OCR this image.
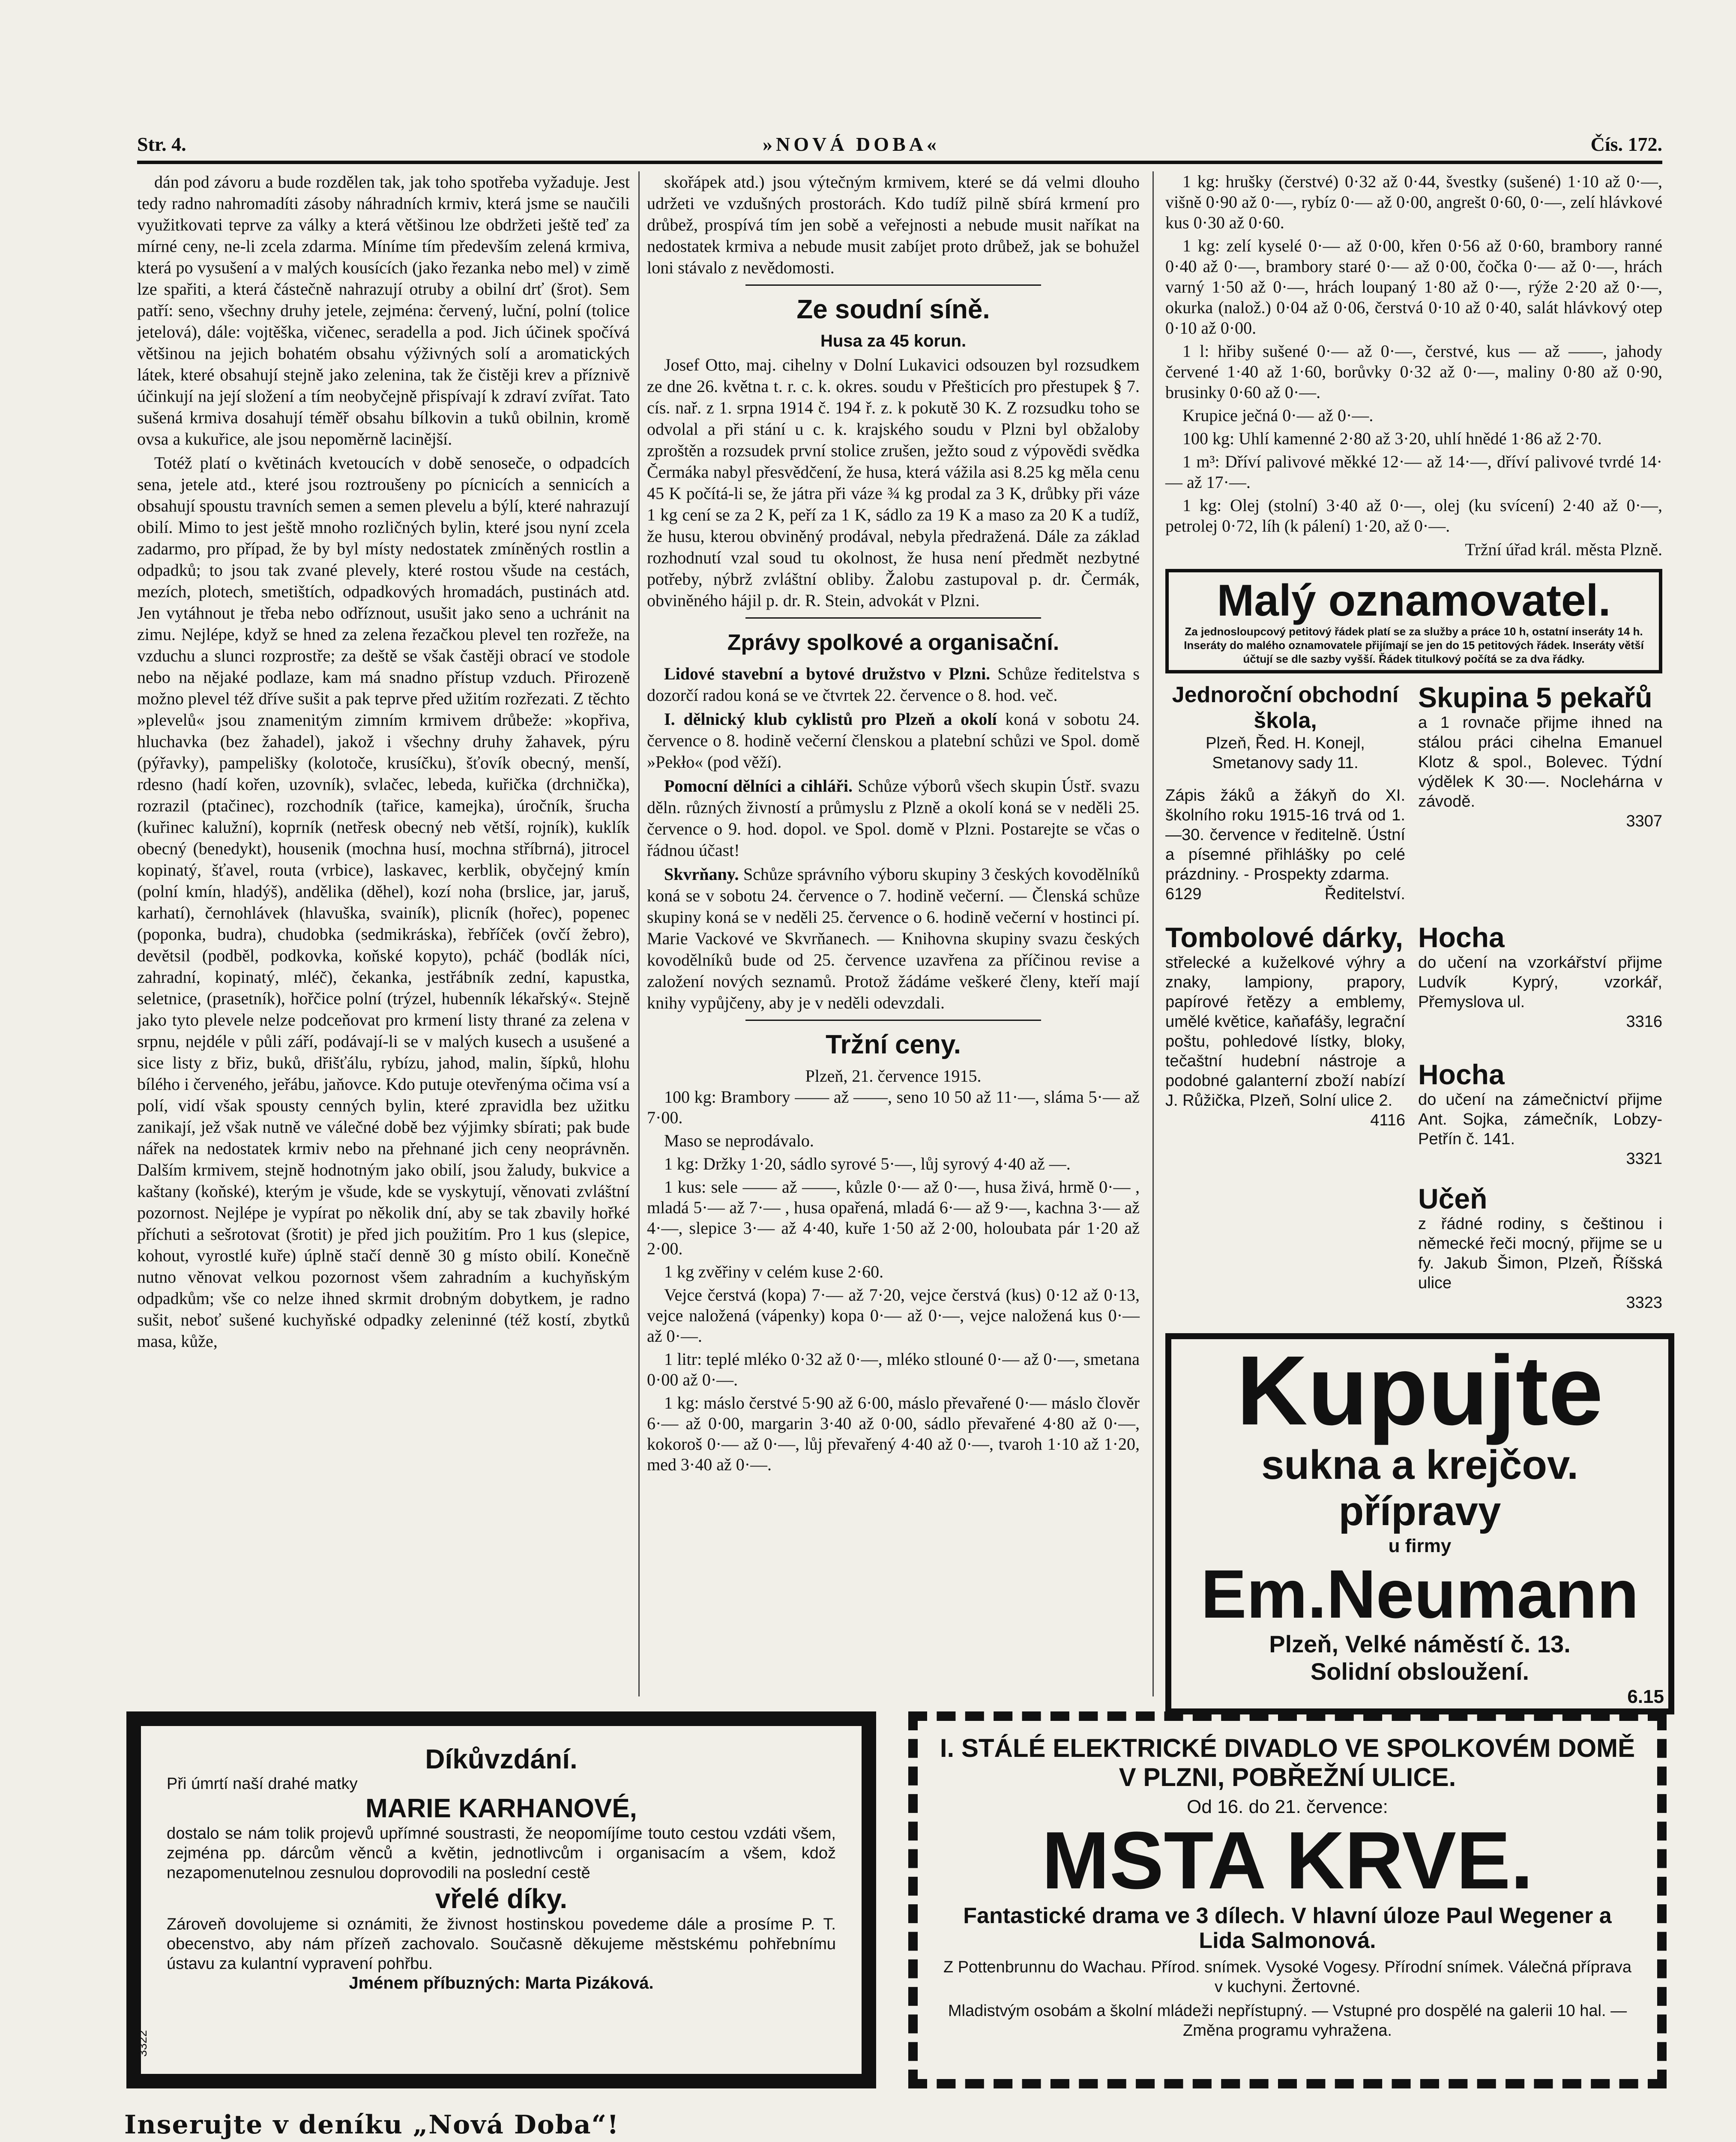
Str. 4.	»NOVÁ DOBA«	Čís. 172.

dán pod závoru a bude rozdělen tak, jak toho spotřeba vyžaduje. Jest tedy radno nahromadíti zásoby náhradních krmiv, která jsme se naučili využitkovati teprve za války a která většinou lze obdržeti ještě teď za mírné ceny, ne-li zcela zdarma. Míníme tím především zelená krmiva, která po vysušení a v malých kousících (jako řezanka nebo mel) v zimě lze spařiti, a která částečně nahrazují otruby a obilní drť (šrot). Sem patří: seno, všechny druhy jetele, zejména: červený, luční, polní (tolice jetelová), dále: vojtěška, vičenec, seradella a pod. Jich účinek spočívá většinou na jejich bohatém obsahu výživných solí a aromatických látek, které obsahují stejně jako zelenina, tak že čistěji krev a příznivě účinkují na její složení a tím neobyčejně přispívají k zdraví zvířat. Tato sušená krmiva dosahují téměř obsahu bílkovin a tuků obilnin, kromě ovsa a kukuřice, ale jsou nepoměrně lacinější.

Totéž platí o květinách kvetoucích v době senoseče, o odpadcích sena, jetele atd., které jsou roztroušeny po pícnicích a sennicích a obsahují spoustu travních semen a semen plevelu a býlí, které nahrazují obilí. Mimo to jest ještě mnoho rozličných bylin, které jsou nyní zcela zadarmo, pro případ, že by byl místy nedostatek zmíněných rostlin a odpadků; to jsou tak zvané plevely, které rostou všude na cestách, mezích, plotech, smetištích, odpadkových hromadách, pustinách atd. Jen vytáhnout je třeba nebo odříznout, usušit jako seno a uchránit na zimu. Nejlépe, když se hned za zelena řezačkou plevel ten rozřeže, na vzduchu a slunci rozprostře; za deště se však častěji obrací ve stodole nebo na nějaké podlaze, kam má snadno přístup vzduch. Přirozeně možno plevel též dříve sušit a pak teprve před užitím rozřezati. Z těchto »plevelů« jsou znamenitým zimním krmivem drůbeže: »kopřiva, hluchavka (bez žahadel), jakož i všechny druhy žahavek, pýru (pýřavky), pampelišky (kolotoče, krusíčku), šťovík obecný, menší, rdesno (hadí kořen, uzovník), svlačec, lebeda, kuřička (drchnička), rozrazil (ptačinec), rozchodník (tařice, kamejka), úročník, šrucha (kuřinec kalužní), koprník (netřesk obecný neb větší, rojník), kuklík obecný (benedykt), housenik (mochna husí, mochna stříbrná), jitrocel kopinatý, šťavel, routa (vrbice), laskavec, kerblik, obyčejný kmín (polní kmín, hladýš), andělika (děhel), kozí noha (brslice, jar, jaruš, karhatí), černohlávek (hlavuška, svainík), plicník (hořec), popenec (poponka, budra), chudobka (sedmikráska), řebříček (ovčí žebro), devětsil (podběl, podkovka, koňské kopyto), pcháč (bodlák níci, zahradní, kopinatý, mléč), čekanka, jestřábník zední, kapustka, seletnice, (prasetník), hořčice polní (trýzel, hubenník lékařský«. Stejně jako tyto plevele nelze podceňovat pro krmení listy thrané za zelena v srpnu, nejdéle v půli září, podávají-li se v malých kusech a usušené a sice listy z břiz, buků, dřišťálu, rybízu, jahod, malin, šípků, hlohu bílého i červeného, jeřábu, jaňovce. Kdo putuje otevřenýma očima vsí a polí, vidí však spousty cenných bylin, které zpravidla bez užitku zanikají, jež však nutně ve válečné době bez výjimky sbírati; pak bude nářek na nedostatek krmiv nebo na přehnané jich ceny neoprávněn. Dalším krmivem, stejně hodnotným jako obilí, jsou žaludy, bukvice a kaštany (koňské), kterým je všude, kde se vyskytují, věnovati zvláštní pozornost. Nejlépe je vypírat po několik dní, aby se tak zbavily hořké příchuti a sešrotovat (šrotit) je před jich použitím. Pro 1 kus (slepice, kohout, vyrostlé kuře) úplně stačí denně 30 g místo obilí. Konečně nutno věnovat velkou pozornost všem zahradním a kuchyňským odpadkům; vše co nelze ihned skrmit drobným dobytkem, je radno sušit, neboť sušené kuchyňské odpadky zeleninné (též kostí, zbytků masa, kůže,

skořápek atd.) jsou výtečným krmivem, které se dá velmi dlouho udržeti ve vzdušných prostorách. Kdo tudíž pilně sbírá krmení pro drůbež, prospívá tím jen sobě a veřejnosti a nebude musit naříkat na nedostatek krmiva a nebude musit zabíjet proto drůbež, jak se bohužel loni stávalo z nevědomosti.

Ze soudní síně.
Husa za 45 korun.

Josef Otto, maj. cihelny v Dolní Lukavici odsouzen byl rozsudkem ze dne 26. května t. r. c. k. okres. soudu v Přešticích pro přestupek § 7. cís. nař. z 1. srpna 1914 č. 194 ř. z. k pokutě 30 K. Z rozsudku toho se odvolal a při stání u c. k. krajského soudu v Plzni byl obžaloby zproštěn a rozsudek první stolice zrušen, ježto soud z výpovědi svědka Čermáka nabyl přesvědčení, že husa, která vážila asi 8.25 kg měla cenu 45 K počítá-li se, že játra při váze ¾ kg prodal za 3 K, drůbky při váze 1 kg cení se za 2 K, peří za 1 K, sádlo za 19 K a maso za 20 K a tudíž, že husu, kterou obviněný prodával, nebyla předražená. Dále za základ rozhodnutí vzal soud tu okolnost, že husa není předmět nezbytné potřeby, nýbrž zvláštní obliby. Žalobu zastupoval p. dr. Čermák, obviněného hájil p. dr. R. Stein, advokát v Plzni.

Zprávy spolkové a organisační.

Lidové stavební a bytové družstvo v Plzni. Schůze ředitelstva s dozorčí radou koná se ve čtvrtek 22. července o 8. hod. več.

I. dělnický klub cyklistů pro Plzeň a okolí koná v sobotu 24. července o 8. hodině večerní členskou a platební schůzi ve Spol. domě »Pekło« (pod věží).

Pomocní dělníci a cihláři. Schůze výborů všech skupin Ústř. svazu děln. různých živností a průmyslu z Plzně a okolí koná se v neděli 25. července o 9. hod. dopol. ve Spol. domě v Plzni. Postarejte se včas o řádnou účast!

Skvrňany. Schůze správního výboru skupiny 3 českých kovodělníků koná se v sobotu 24. července o 7. hodině večerní. — Členská schůze skupiny koná se v neděli 25. července o 6. hodině večerní v hostinci pí. Marie Vackové ve Skvrňanech. — Knihovna skupiny svazu českých kovodělníků bude od 25. července uzavřena za příčinou revise a založení nových seznamů. Protož žádáme veškeré členy, kteří mají knihy vypůjčeny, aby je v neděli odevzdali.

Tržní ceny.
Plzeň, 21. července 1915.

100 kg: Brambory —— až ——, seno 10 50 až 11·—, sláma 5·— až 7·00.

Maso se neprodávalo.

1 kg: Držky 1·20, sádlo syrové 5·—, lůj syrový 4·40 až —.

1 kus: sele —— až ——, kůzle 0·— až 0·—, husa živá, hrmě 0·— , mladá 5·— až 7·— , husa opařená, mladá 6·— až 9·—, kachna 3·— až 4·—, slepice 3·— až 4·40, kuře 1·50 až 2·00, holoubata pár 1·20 až 2·00.

1 kg zvěřiny v celém kuse 2·60.

Vejce čerstvá (kopa) 7·— až 7·20, vejce čerstvá (kus) 0·12 až 0·13, vejce naložená (vápenky) kopa 0·— až 0·—, vejce naložená kus 0·— až 0·—.

1 litr: teplé mléko 0·32 až 0·—, mléko stlouné 0·— až 0·—, smetana 0·00 až 0·—.

1 kg: máslo čerstvé 5·90 až 6·00, máslo převařené 0·— máslo člověr 6·— až 0·00, margarin 3·40 až 0·00, sádlo převařené 4·80 až 0·—, kokoroš 0·— až 0·—, lůj převařený 4·40 až 0·—, tvaroh 1·10 až 1·20, med 3·40 až 0·—.

1 kg: hrušky (čerstvé) 0·32 až 0·44, švestky (sušené) 1·10 až 0·—, višně 0·90 až 0·—, rybíz 0·— až 0·00, angrešt 0·60, 0·—, zelí hlávkové kus 0·30 až 0·60.

1 kg: zelí kyselé 0·— až 0·00, křen 0·56 až 0·60, brambory ranné 0·40 až 0·—, brambory staré 0·— až 0·00, čočka 0·— až 0·—, hrách varný 1·50 až 0·—, hrách loupaný 1·80 až 0·—, rýže 2·20 až 0·—, okurka (nalož.) 0·04 až 0·06, čerstvá 0·10 až 0·40, salát hlávkový otep 0·10 až 0·00.

1 l: hřiby sušené 0·— až 0·—, čerstvé, kus — až ——, jahody červené 1·40 až 1·60, borůvky 0·32 až 0·—, maliny 0·80 až 0·90, brusinky 0·60 až 0·—.

Krupice ječná 0·— až 0·—.

100 kg: Uhlí kamenné 2·80 až 3·20, uhlí hnědé 1·86 až 2·70.

1 m³: Dříví palivové měkké 12·— až 14·—, dříví palivové tvrdé 14·— až 17·—.

1 kg: Olej (stolní) 3·40 až 0·—, olej (ku svícení) 2·40 až 0·—, petrolej 0·72, líh (k pálení) 1·20, až 0·—.

Tržní úřad král. města Plzně.
Malý oznamovatel.
Za jednosloupcový petitový řádek platí se za služby a práce 10 h, ostatní inseráty 14 h. Inseráty do malého oznamovatele přijímají se jen do 15 petitových řádek. Inseráty větší účtují se dle sazby vyšší. Řádek titulkový počítá se za dva řádky.
Jednoroční obchodní škola,
Plzeň, Řed. H. Konejl, Smetanovy sady 11.
Zápis žáků a žákyň do XI. školního roku 1915-16 trvá od 1.—30. července v ředitelně. Ústní a písemné přihlášky po celé prázdniny. - Prospekty zdarma.
6129	Ředitelství.
Skupina 5 pekařů
a 1 rovnače přijme ihned na stálou práci cihelna Emanuel Klotz & spol., Bolevec. Týdní výdělek K 30·—. Noclehárna v závodě.
3307
Hocha
do učení na vzorkářství přijme Ludvík Kyprý, vzorkář, Přemyslova ul.
3316
Tombolové dárky,
střelecké a kuželkové výhry a znaky, lampiony, prapory, papírové řetězy a emblemy, umělé květice, kaňafášy, legrační poštu, pohledové lístky, bloky, tečaštní hudební nástroje a podobné galanterní zboží nabízí J. Růžička, Plzeň, Solní ulice 2.
4116
Hocha
do učení na zámečnictví přijme Ant. Sojka, zámečník, Lobzy-Petřín č. 141.
3321
Učeň
z řádné rodiny, s češtinou i německé řeči mocný, přijme se u fy. Jakub Šimon, Plzeň, Říšská ulice
3323
Kupujte
sukna a krejčov.
přípravy
u firmy
Em.Neumann
Plzeň, Velké náměstí č. 13.
Solidní obsloužení.
6.15
Díkůvzdání.
Při úmrtí naší drahé matky
MARIE KARHANOVÉ,
dostalo se nám tolik projevů upřímné soustrasti, že neopomíjíme touto cestou vzdáti všem, zejména pp. dárcům věnců a květin, jednotlivcům i organisacím a všem, kdož nezapomenutelnou zesnulou doprovodili na poslední cestě
vřelé díky.
Zároveň dovolujeme si oznámiti, že živnost hostinskou povedeme dále a prosíme P. T. obecenstvo, aby nám přízeň zachovalo. Současně děkujeme městskému pohřebnímu ústavu za kulantní vypravení pohřbu.
Jménem příbuzných: Marta Pizáková.
3322
I. STÁLÉ ELEKTRICKÉ DIVADLO VE SPOLKOVÉM DOMĚ V PLZNI, POBŘEŽNÍ ULICE.
Od 16. do 21. července:
MSTA KRVE.
Fantastické drama ve 3 dílech. V hlavní úloze Paul Wegener a Lida Salmonová.
Z Pottenbrunnu do Wachau. Přírod. snímek. Vysoké Vogesy. Přírodní snímek. Válečná příprava v kuchyni. Žertovné.
Mladistvým osobám a školní mládeži nepřístupný. — Vstupné pro dospělé na galerii 10 hal. — Změna programu vyhražena.
Inserujte v deníku „Nová Doba“!
